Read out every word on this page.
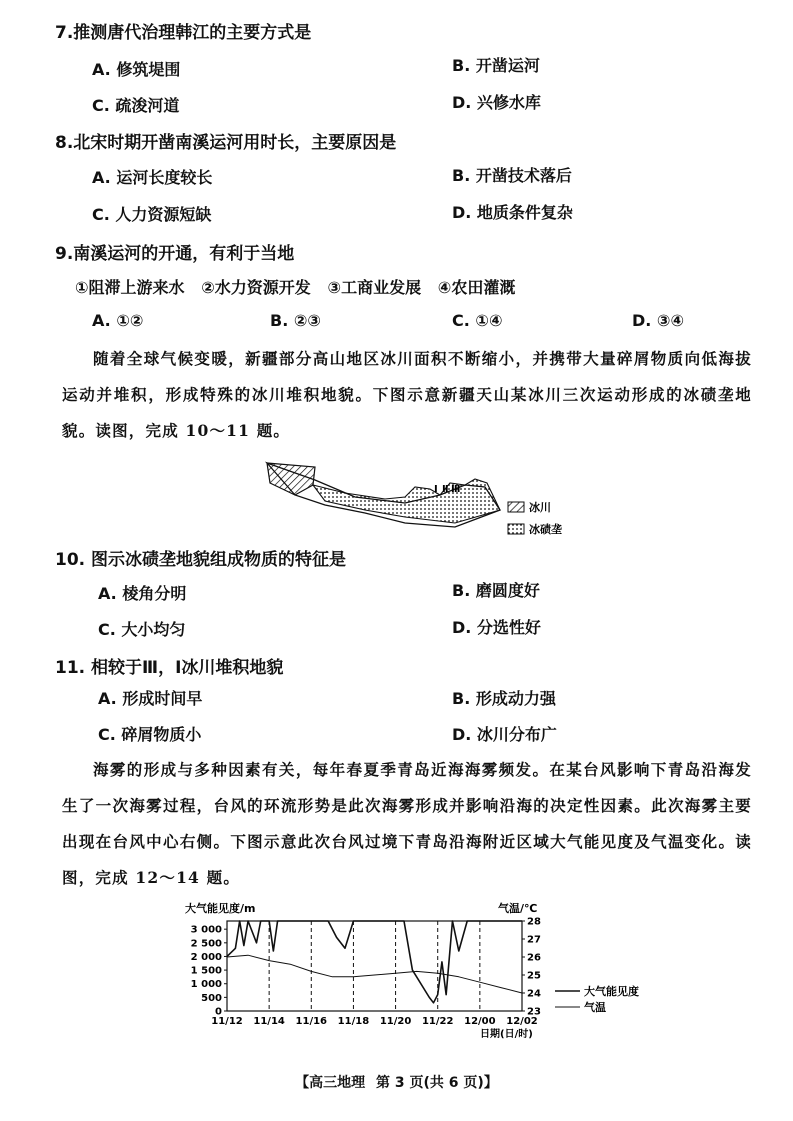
7.推测唐代治理韩江的主要方式是
A. 修筑堤围	B. 开凿运河
C. 疏浚河道	D. 兴修水库
8.北宋时期开凿南溪运河用时长，主要原因是
A. 运河长度较长	B. 开凿技术落后
C. 人力资源短缺	D. 地质条件复杂
9.南溪运河的开通，有利于当地
①阻滞上游来水   ②水力资源开发   ③工商业发展   ④农田灌溉
A. ①②	B. ②③	C. ①④	D. ③④
随着全球气候变暖，新疆部分高山地区冰川面积不断缩小，并携带大量碎屑物质向低海拔运动并堆积，形成特殊的冰川堆积地貌。下图示意新疆天山某冰川三次运动形成的冰碛垄地貌。读图，完成 10～11 题。
Ⅰ Ⅱ Ⅲ
冰川
冰碛垄
10. 图示冰碛垄地貌组成物质的特征是
A. 棱角分明	B. 磨圆度好
C. 大小均匀	D. 分选性好
11. 相较于Ⅲ，Ⅰ冰川堆积地貌
A. 形成时间早	B. 形成动力强
C. 碎屑物质小	D. 冰川分布广
海雾的形成与多种因素有关，每年春夏季青岛近海海雾频发。在某台风影响下青岛沿海发生了一次海雾过程，台风的环流形势是此次海雾形成并影响沿海的决定性因素。此次海雾主要出现在台风中心右侧。下图示意此次台风过境下青岛沿海附近区域大气能见度及气温变化。读图，完成 12～14 题。
大气能见度/m	气温/℃
日期(日/时)
11/12 11/14 11/16 11/18 11/20 11/22 12/00 12/02
0
500
1 000
1 500
2 000
2 500
3 000
23
24
25
26
27
28
大气能见度
气温
【高三地理 第 3 页(共 6 页)】
